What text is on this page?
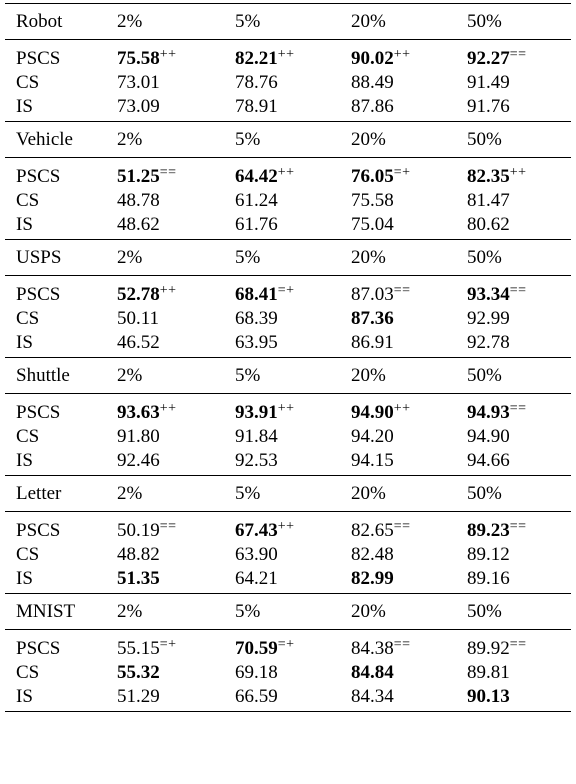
Robot	2%	5%	20%	50%
PSCS	75.58++	82.21++	90.02++	92.27==
CS	73.01	78.76	88.49	91.49
IS	73.09	78.91	87.86	91.76
Vehicle	2%	5%	20%	50%
PSCS	51.25==	64.42++	76.05=+	82.35++
CS	48.78	61.24	75.58	81.47
IS	48.62	61.76	75.04	80.62
USPS	2%	5%	20%	50%
PSCS	52.78++	68.41=+	87.03==	93.34==
CS	50.11	68.39	87.36	92.99
IS	46.52	63.95	86.91	92.78
Shuttle	2%	5%	20%	50%
PSCS	93.63++	93.91++	94.90++	94.93==
CS	91.80	91.84	94.20	94.90
IS	92.46	92.53	94.15	94.66
Letter	2%	5%	20%	50%
PSCS	50.19==	67.43++	82.65==	89.23==
CS	48.82	63.90	82.48	89.12
IS	51.35	64.21	82.99	89.16
MNIST	2%	5%	20%	50%
PSCS	55.15=+	70.59=+	84.38==	89.92==
CS	55.32	69.18	84.84	89.81
IS	51.29	66.59	84.34	90.13
